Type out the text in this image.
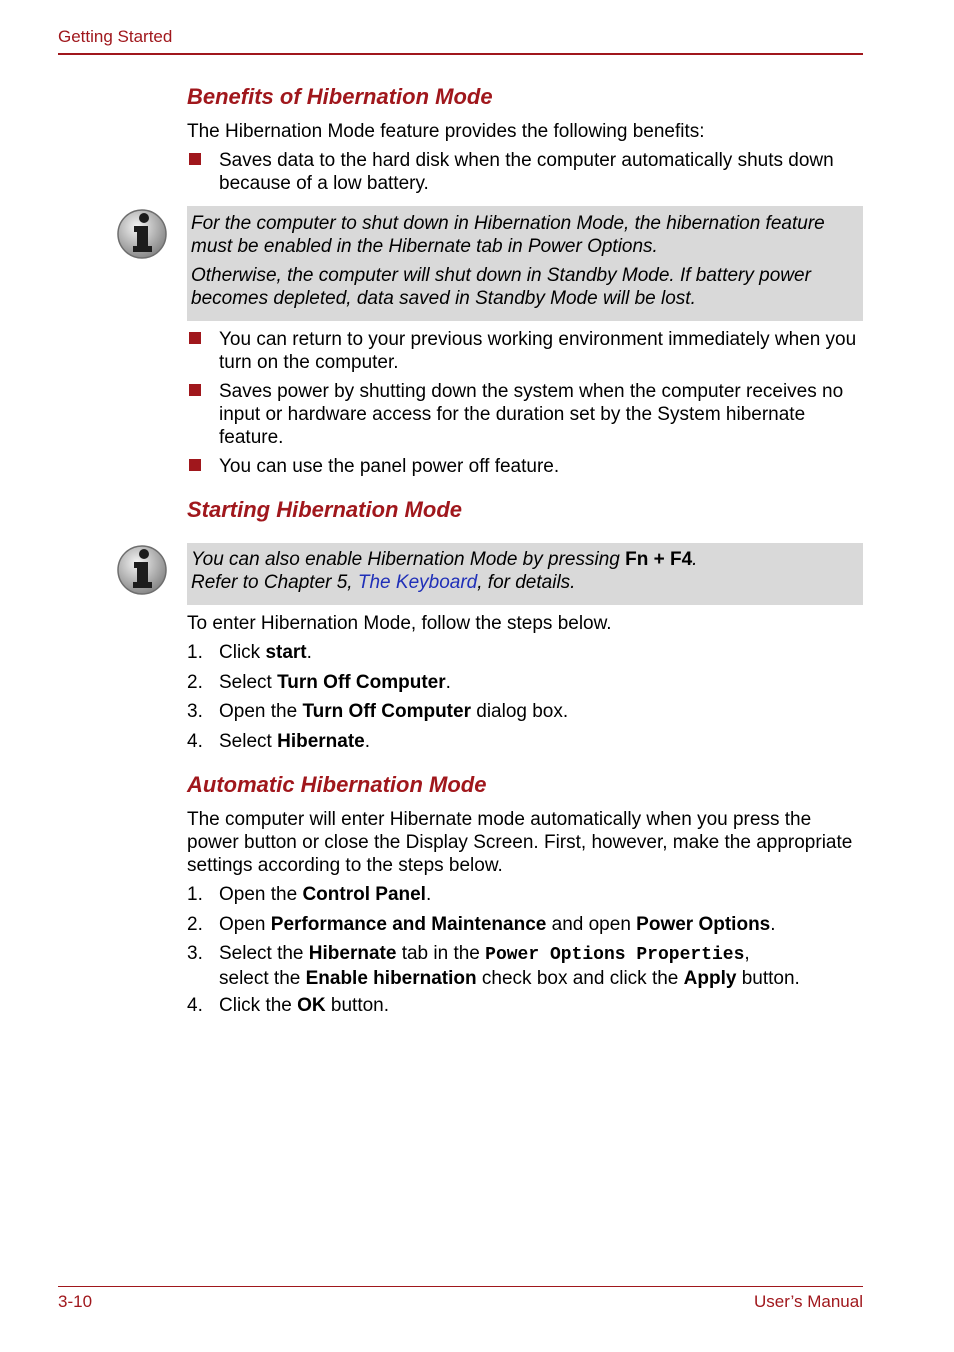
Getting Started
Benefits of Hibernation Mode
The Hibernation Mode feature provides the following benefits:
Saves data to the hard disk when the computer automatically shuts down because of a low battery.

For the computer to shut down in Hibernation Mode, the hibernation feature must be enabled in the Hibernate tab in Power Options.

Otherwise, the computer will shut down in Standby Mode. If battery power becomes depleted, data saved in Standby Mode will be lost.

You can return to your previous working environment immediately when you turn on the computer.
Saves power by shutting down the system when the computer receives no input or hardware access for the duration set by the System hibernate feature.
You can use the panel power off feature.
Starting Hibernation Mode

You can also enable Hibernation Mode by pressing Fn + F4.

Refer to Chapter 5, The Keyboard, for details.

To enter Hibernation Mode, follow the steps below.
1. Click start.
2. Select Turn Off Computer.
3. Open the Turn Off Computer dialog box.
4. Select Hibernate.
Automatic Hibernation Mode
The computer will enter Hibernate mode automatically when you press the power button or close the Display Screen. First, however, make the appropriate settings according to the steps below.
1. Open the Control Panel.
2. Open Performance and Maintenance and open Power Options.
3. Select the Hibernate tab in the Power Options Properties,
select the Enable hibernation check box and click the Apply button.
4. Click the OK button.
3-10	User’s Manual
